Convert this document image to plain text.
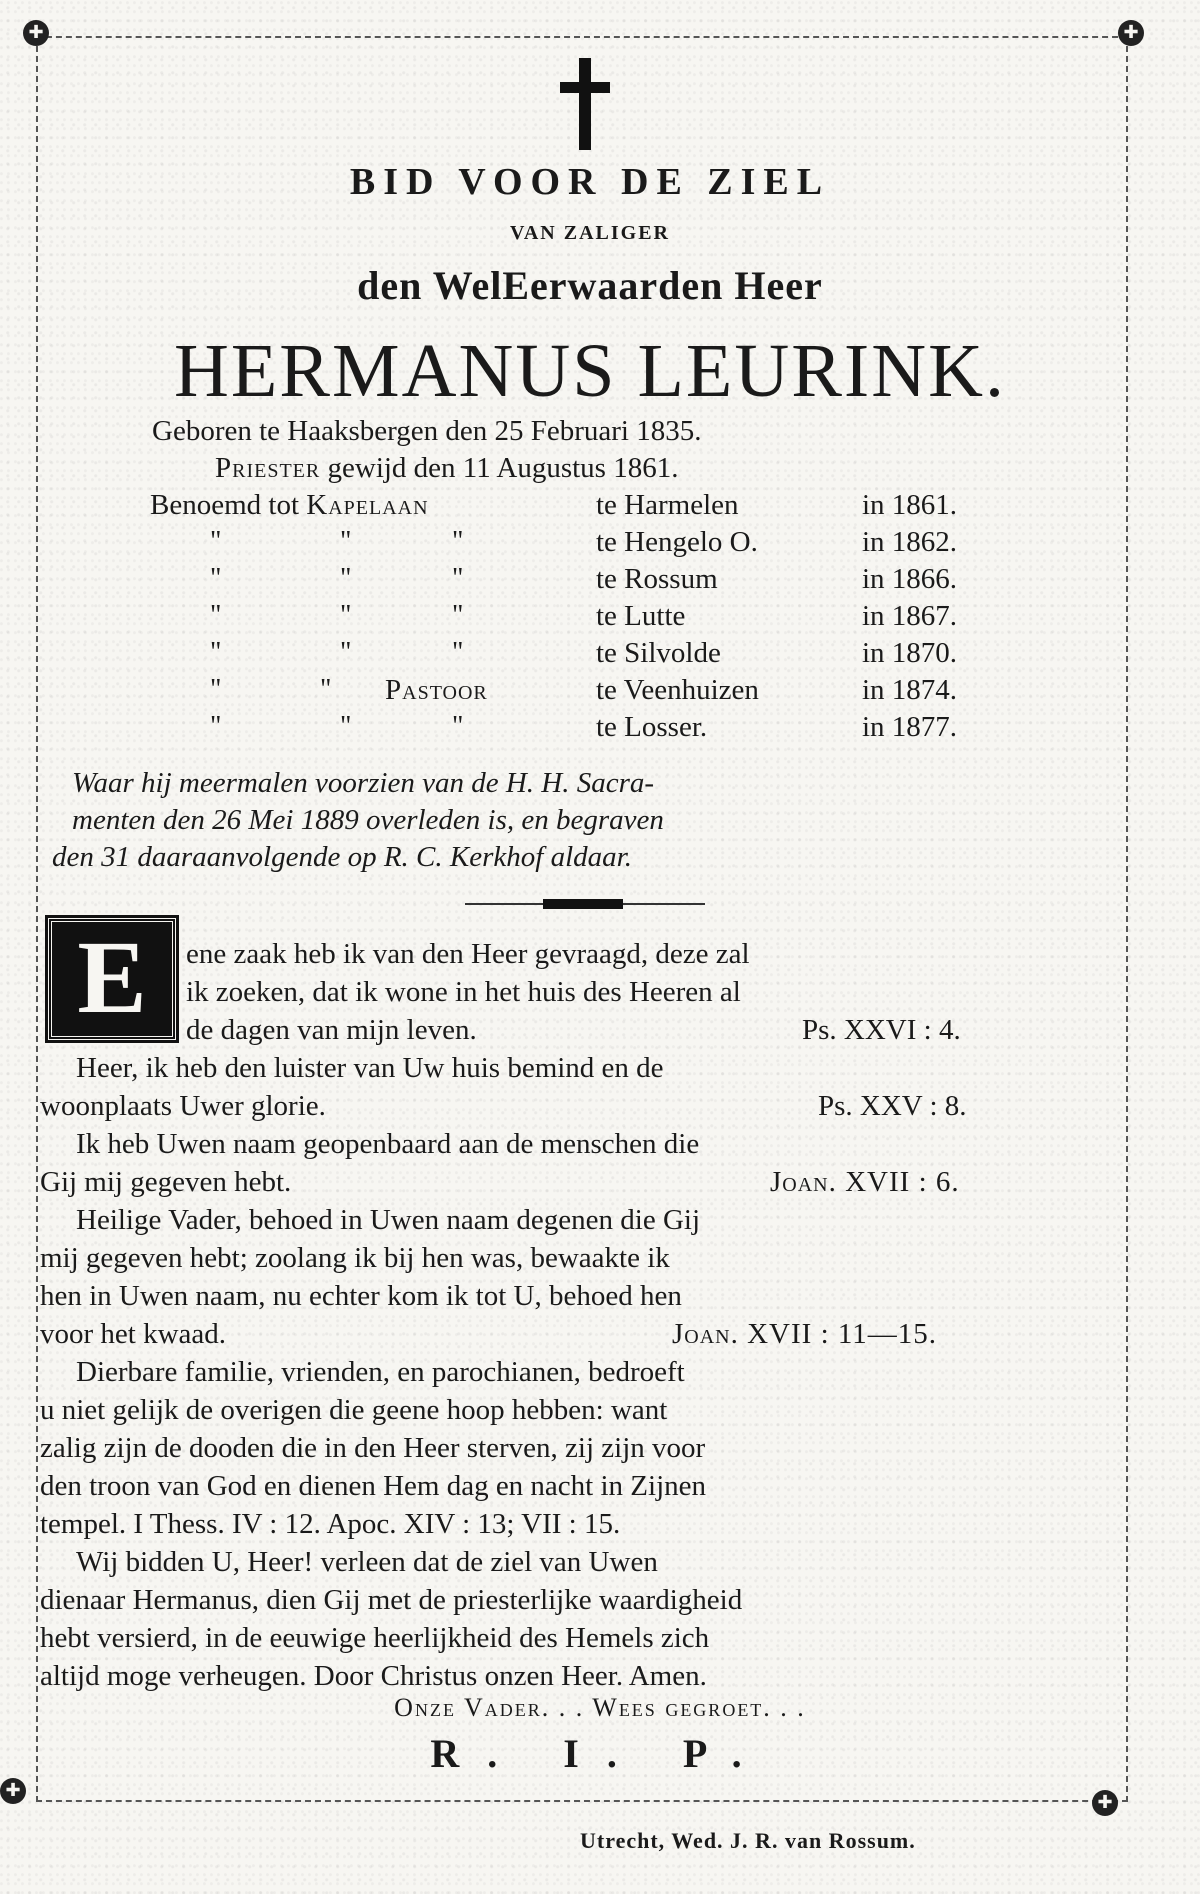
✚	✚
✚
✚
BID VOOR DE ZIEL
VAN ZALIGER
den WelEerwaarden Heer
HERMANUS LEURINK.
Geboren te Haaksbergen den 25 Februari 1835.
Priester gewijd den 11 Augustus 1861.
Benoemd tot Kapelaan	te Harmelen	in 1861.
"	"	"	te Hengelo O.	in 1862.
"	"	"	te Rossum	in 1866.
"	"	"	te Lutte	in 1867.
"	"	"	te Silvolde	in 1870.
"	" Pastoor	te Veenhuizen	in 1874.
"	"	"	te Losser.	in 1877.
Waar hij meermalen voorzien van de H. H. Sacra-
menten den 26 Mei 1889 overleden is, en begraven
den 31 daaraanvolgende op R. C. Kerkhof aldaar.
E	ene zaak heb ik van den Heer gevraagd, deze zal
ik zoeken, dat ik wone in het huis des Heeren al
de dagen van mijn leven.	Ps. XXVI : 4.
Heer, ik heb den luister van Uw huis bemind en de
woonplaats Uwer glorie.	Ps. XXV : 8.
Ik heb Uwen naam geopenbaard aan de menschen die
Gij mij gegeven hebt.	Joan. XVII : 6.
Heilige Vader, behoed in Uwen naam degenen die Gij
mij gegeven hebt; zoolang ik bij hen was, bewaakte ik
hen in Uwen naam, nu echter kom ik tot U, behoed hen
voor het kwaad.	Joan. XVII : 11—15.
Dierbare familie, vrienden, en parochianen, bedroeft
u niet gelijk de overigen die geene hoop hebben: want
zalig zijn de dooden die in den Heer sterven, zij zijn voor
den troon van God en dienen Hem dag en nacht in Zijnen
tempel. I Thess. IV : 12. Apoc. XIV : 13; VII : 15.
Wij bidden U, Heer! verleen dat de ziel van Uwen
dienaar Hermanus, dien Gij met de priesterlijke waardigheid
hebt versierd, in de eeuwige heerlijkheid des Hemels zich
altijd moge verheugen. Door Christus onzen Heer. Amen.
Onze Vader. . . Wees gegroet. . .
R. I. P.
Utrecht, Wed. J. R. van Rossum.
